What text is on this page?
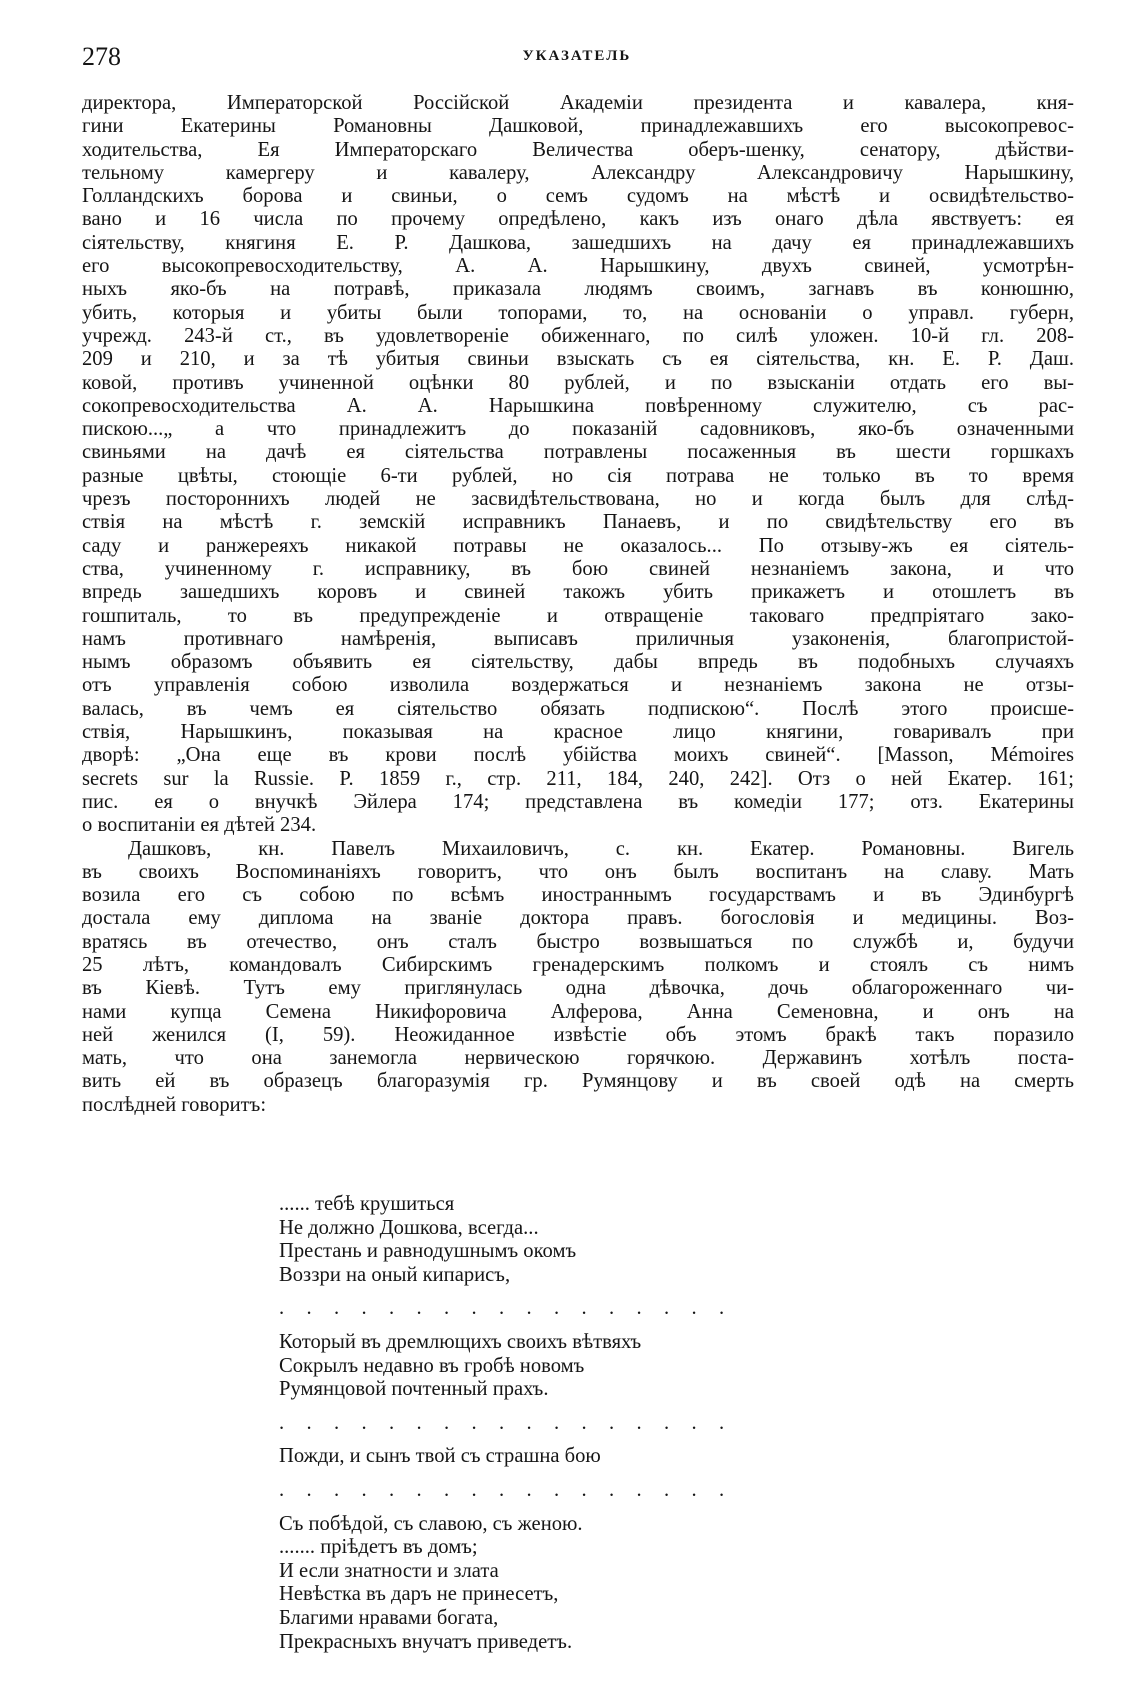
278	УКАЗАТЕЛЬ
директора, Императорской Россійской Академіи президента и кавалера, кня-
гини Екатерины Романовны Дашковой, принадлежавшихъ его высокопревос-
ходительства, Ея Императорскаго Величества оберъ-шенку, сенатору, дѣйстви-
тельному камергеру и кавалеру, Александру Александровичу Нарышкину,
Голландскихъ борова и свиньи, о семъ судомъ на мѣстѣ и освидѣтельство-
вано и 16 числа по прочему опредѣлено, какъ изъ онаго дѣла явствуетъ: ея
сіятельству, княгиня Е. Р. Дашкова, зашедшихъ на дачу ея принадлежавшихъ
его высокопревосходительству, А. А. Нарышкину, двухъ свиней, усмотрѣн-
ныхъ яко-бъ на потравѣ, приказала людямъ своимъ, загнавъ въ конюшню,
убить, которыя и убиты были топорами, то, на основаніи о управл. губерн,
учрежд. 243-й ст., въ удовлетвореніе обиженнаго, по силѣ уложен. 10-й гл. 208-
209 и 210, и за тѣ убитыя свиньи взыскать съ ея сіятельства, кн. Е. Р. Даш.
ковой, противъ учиненной оцѣнки 80 рублей, и по взысканіи отдать его вы-
сокопревосходительства А. А. Нарышкина повѣренному служителю, съ рас-
пискою...„ а что принадлежитъ до показаній садовниковъ, яко-бъ означенными
свиньями на дачѣ ея сіятельства потравлены посаженныя въ шести горшкахъ
разные цвѣты, стоющіе 6-ти рублей, но сія потрава не только въ то время
чрезъ постороннихъ людей не засвидѣтельствована, но и когда былъ для слѣд-
ствія на мѣстѣ г. земскій исправникъ Панаевъ, и по свидѣтельству его въ
саду и ранжереяхъ никакой потравы не оказалось... По отзыву-жъ ея сіятель-
ства, учиненному г. исправнику, въ бою свиней незнаніемъ закона, и что
впредь зашедшихъ коровъ и свиней такожъ убить прикажетъ и отошлетъ въ
гошпиталь, то въ предупрежденіе и отвращеніе таковаго предпріятаго зако-
намъ противнаго намѣренія, выписавъ приличныя узаконенія, благопристой-
нымъ образомъ объявить ея сіятельству, дабы впредь въ подобныхъ случаяхъ
отъ управленія собою изволила воздержаться и незнаніемъ закона не отзы-
валась, въ чемъ ея сіятельство обязать подпискою“. Послѣ этого происше-
ствія, Нарышкинъ, показывая на красное лицо княгини, говаривалъ при
дворѣ: „Она еще въ крови послѣ убійства моихъ свиней“. [Masson, Mémoires
secrets sur la Russie. P. 1859 г., стр. 211, 184, 240, 242]. Отз о ней Екатер. 161;
пис. ея о внучкѣ Эйлера 174; представлена въ комедіи 177; отз. Екатерины
о воспитаніи ея дѣтей 234.
Дашковъ, кн. Павелъ Михаиловичъ, с. кн. Екатер. Романовны. Вигель
въ своихъ Воспоминаніяхъ говоритъ, что онъ былъ воспитанъ на славу. Мать
возила его съ собою по всѣмъ иностраннымъ государствамъ и въ Эдинбургѣ
достала ему диплома на званіе доктора правъ. богословія и медицины. Воз-
вратясь въ отечество, онъ сталъ быстро возвышаться по службѣ и, будучи
25 лѣтъ, командовалъ Сибирскимъ гренадерскимъ полкомъ и стоялъ съ нимъ
въ Кіевѣ. Тутъ ему приглянулась одна дѣвочка, дочь облагороженнаго чи-
нами купца Семена Никифоровича Алферова, Анна Семеновна, и онъ на
ней женился (I, 59). Неожиданное извѣстіе объ этомъ бракѣ такъ поразило
мать, что она занемогла нервическою горячкою. Державинъ хотѣлъ поста-
вить ей въ образецъ благоразумія гр. Румянцову и въ своей одѣ на смерть
послѣдней говоритъ:
...... тебѣ крушиться
Не должно Дошкова, всегда...
Престань и равнодушнымъ окомъ
Воззри на оный кипарисъ,
. . . . . . . . . . . . . . . . .
Который въ дремлющихъ своихъ вѣтвяхъ
Сокрылъ недавно въ гробѣ новомъ
Румянцовой почтенный прахъ.
. . . . . . . . . . . . . . . . .
Пожди, и сынъ твой съ страшна бою
. . . . . . . . . . . . . . . . .
Съ побѣдой, съ славою, съ женою.
....... пріѣдетъ въ домъ;
И если знатности и злата
Невѣстка въ даръ не принесетъ,
Благими нравами богата,
Прекрасныхъ внучатъ приведетъ.
